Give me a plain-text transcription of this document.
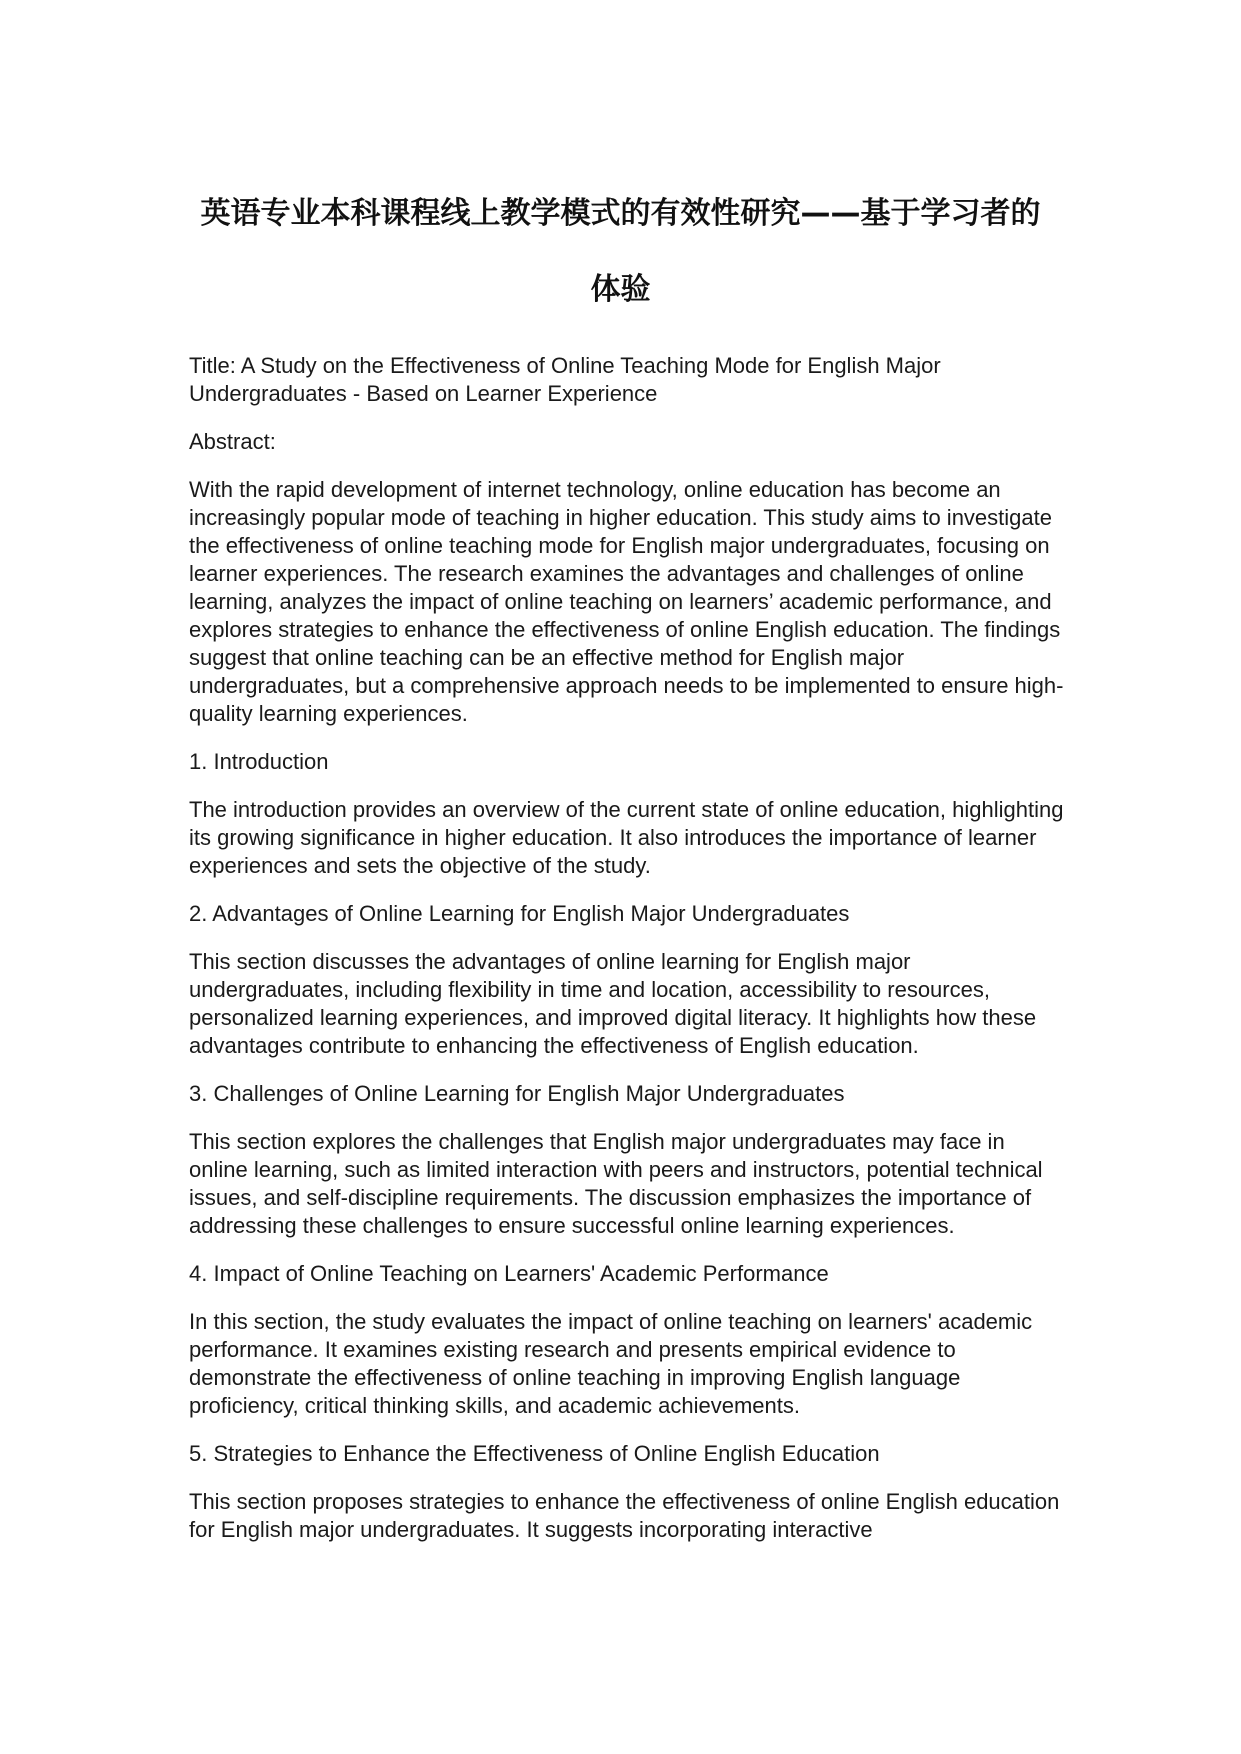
英语专业本科课程线上教学模式的有效性研究——基于学习者的体验

Title: A Study on the Effectiveness of Online Teaching Mode for English Major Undergraduates - Based on Learner Experience

Abstract:

With the rapid development of internet technology, online education has become an increasingly popular mode of teaching in higher education. This study aims to investigate the effectiveness of online teaching mode for English major undergraduates, focusing on learner experiences. The research examines the advantages and challenges of online learning, analyzes the impact of online teaching on learners’ academic performance, and explores strategies to enhance the effectiveness of online English education. The findings suggest that online teaching can be an effective method for English major undergraduates, but a comprehensive approach needs to be implemented to ensure high-quality learning experiences.

1. Introduction

The introduction provides an overview of the current state of online education, highlighting its growing significance in higher education. It also introduces the importance of learner experiences and sets the objective of the study.

2. Advantages of Online Learning for English Major Undergraduates

This section discusses the advantages of online learning for English major undergraduates, including flexibility in time and location, accessibility to resources, personalized learning experiences, and improved digital literacy. It highlights how these advantages contribute to enhancing the effectiveness of English education.

3. Challenges of Online Learning for English Major Undergraduates

This section explores the challenges that English major undergraduates may face in online learning, such as limited interaction with peers and instructors, potential technical issues, and self-discipline requirements. The discussion emphasizes the importance of addressing these challenges to ensure successful online learning experiences.

4. Impact of Online Teaching on Learners' Academic Performance

In this section, the study evaluates the impact of online teaching on learners' academic performance. It examines existing research and presents empirical evidence to demonstrate the effectiveness of online teaching in improving English language proficiency, critical thinking skills, and academic achievements.

5. Strategies to Enhance the Effectiveness of Online English Education

This section proposes strategies to enhance the effectiveness of online English education for English major undergraduates. It suggests incorporating interactive
